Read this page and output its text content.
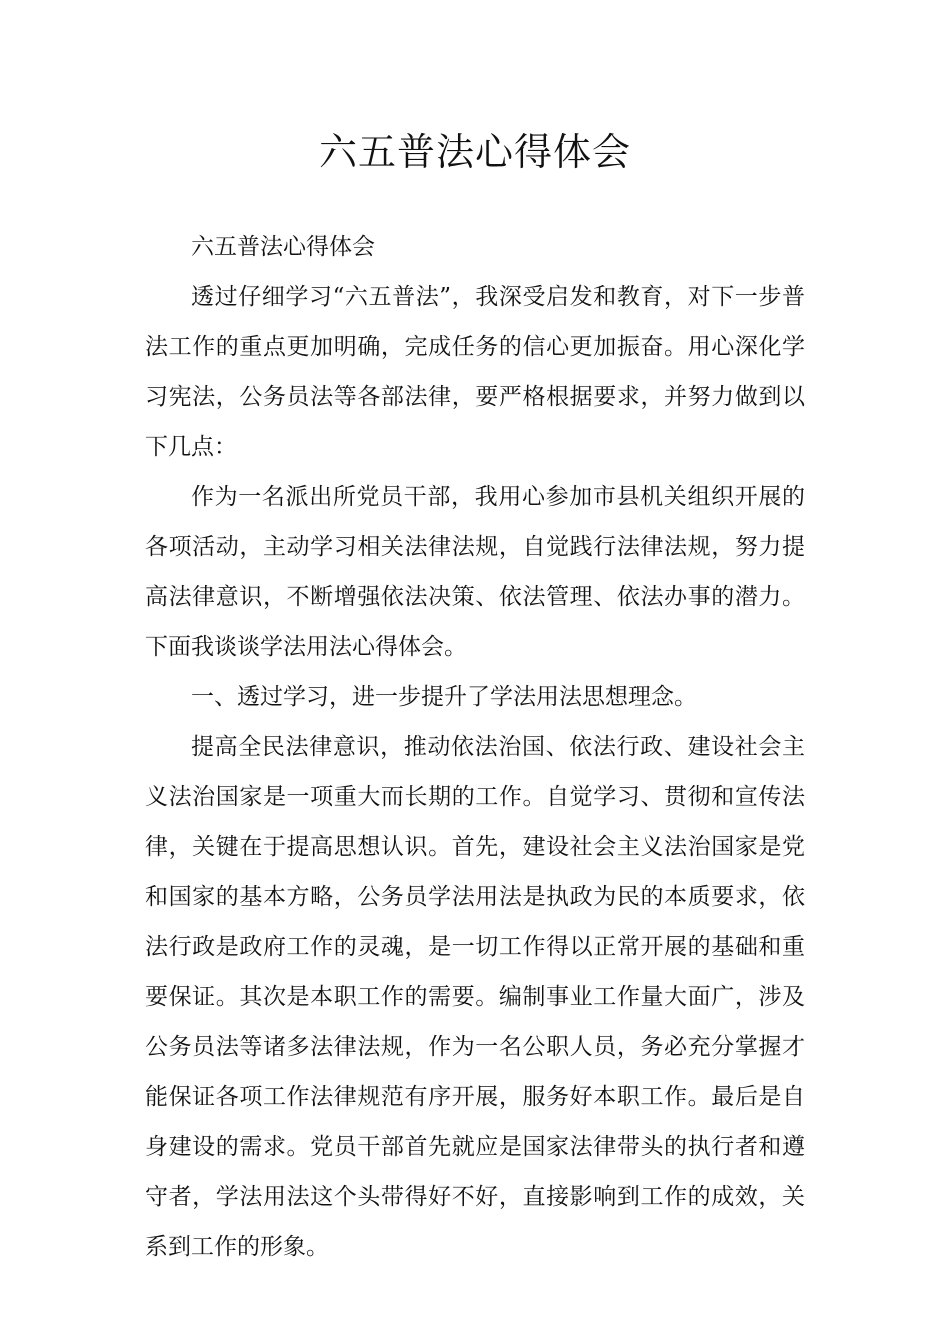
六五普法心得体会

六五普法心得体会

透过仔细学习“六五普法”，我深受启发和教育，对下一步普法工作的重点更加明确，完成任务的信心更加振奋。用心深化学习宪法，公务员法等各部法律，要严格根据要求，并努力做到以下几点：

作为一名派出所党员干部，我用心参加市县机关组织开展的各项活动，主动学习相关法律法规，自觉践行法律法规，努力提高法律意识，不断增强依法决策、依法管理、依法办事的潜力。下面我谈谈学法用法心得体会。

一、透过学习，进一步提升了学法用法思想理念。

提高全民法律意识，推动依法治国、依法行政、建设社会主义法治国家是一项重大而长期的工作。自觉学习、贯彻和宣传法律，关键在于提高思想认识。首先，建设社会主义法治国家是党和国家的基本方略，公务员学法用法是执政为民的本质要求，依法行政是政府工作的灵魂，是一切工作得以正常开展的基础和重要保证。其次是本职工作的需要。编制事业工作量大面广，涉及公务员法等诸多法律法规，作为一名公职人员，务必充分掌握才能保证各项工作法律规范有序开展，服务好本职工作。最后是自身建设的需求。党员干部首先就应是国家法律带头的执行者和遵守者，学法用法这个头带得好不好，直接影响到工作的成效，关系到工作的形象。
